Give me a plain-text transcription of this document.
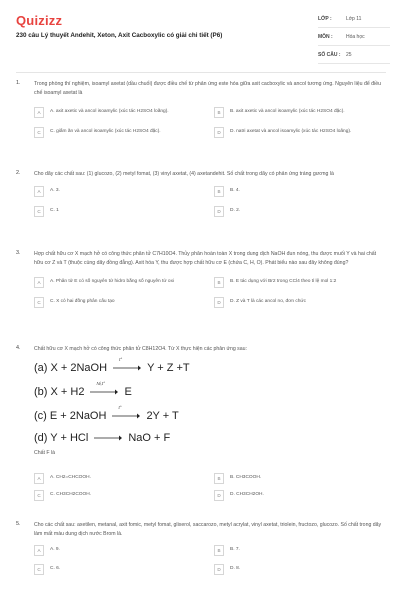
Quizizz
230 câu Lý thuyết Andehit, Xeton, Axit Cacboxylic có giải chi tiết (P6)
LỚP :	Lớp 11
MÔN :	Hóa học
SỐ CÂU :	25
1.	Trong phòng thí nghiệm, isoamyl axetat (dầu chuối) được điều chế từ phản ứng este hóa giữa axit cacboxylic và ancol tương ứng. Nguyên liệu để điều chế isoamyl axetat là
A	A. axit axetic và ancol isoamylic (xúc tác H2SO4 loãng).	B	B. axit axetic và ancol isoamylic (xúc tác H2SO4 đặc).
C	C. giấm ăn và ancol isoamylic (xúc tác H2SO4 đặc).	D	D. natri axetat và ancol isoamylic (xúc tác H2SO4 loãng).
2.	Cho dãy các chất sau: (1) glucozo, (2) metyl fomat, (3) vinyl axetat, (4) axetandehit. Số chất trong dãy có phản ứng tráng gương là
A	A. 3.	B	B. 4.
C	C. 1	D	D. 2.
3.	Hợp chất hữu cơ X mạch hở có công thức phân tử C7H10O4. Thủy phân hoàn toàn X trong dung dịch NaOH đun nóng, thu được muối Y và hai chất hữu cơ Z và T (thuộc cùng dãy đồng đẳng). Axit hóa Y, thu được hợp chất hữu cơ E (chứa C, H, O). Phát biểu nào sau đây không đúng?
A	A. Phân tử E có số nguyên tử hidro bằng số nguyên tử oxi	B	B. E tác dụng với Br2 trong CCl4 theo tỉ lệ mol 1:2
C	C. X có hai đồng phân cấu tạo	D	D. Z và T là các ancol no, đơn chức
4.	Chất hữu cơ X mạch hở có công thức phân tử C8H12O4. Từ X thực hiện các phản ứng sau:
(a) X + 2NaOH
t°
Y + Z +T
(b) X + H2
Ni,t°
E
(c) E + 2NaOH
t°
2Y + T
(d) Y + HCl → NaO + F
Chất F là
A	A. CH2=CHCOOH.	B	B. CH3COOH.
C	C. CH3CH2COOH.	D	D. CH3CH2OH.
5.	Cho các chất sau: axetilen, metanal, axit fomic, metyl fomat, glixerol, saccarozo, metyl acrylat, vinyl axetat, triolein, fructozo, glucozo. Số chất trong dãy làm mất màu dung dịch nước Brom là.
A	A. 9.	B	B. 7.
C	C. 6.	D	D. 8.
